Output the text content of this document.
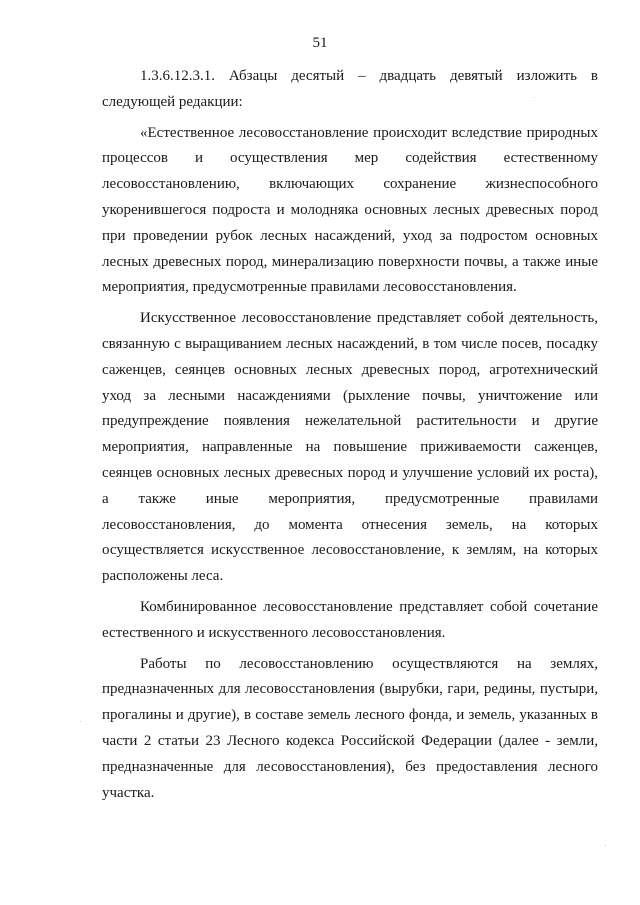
51

1.3.6.12.3.1. Абзацы десятый – двадцать девятый изложить в следующей редакции:

«Естественное лесовосстановление происходит вследствие природных процессов и осуществления мер содействия естественному лесовосстановлению, включающих сохранение жизнеспособного укоренившегося подроста и молодняка основных лесных древесных пород при проведении рубок лесных насаждений, уход за подростом основных лесных древесных пород, минерализацию поверхности почвы, а также иные мероприятия, предусмотренные правилами лесовосстановления.

Искусственное лесовосстановление представляет собой деятельность, связанную с выращиванием лесных насаждений, в том числе посев, посадку саженцев, сеянцев основных лесных древесных пород, агротехнический уход за лесными насаждениями (рыхление почвы, уничтожение или предупреждение появления нежелательной растительности и другие мероприятия, направленные на повышение приживаемости саженцев, сеянцев основных лесных древесных пород и улучшение условий их роста), а также иные мероприятия, предусмотренные правилами лесовосстановления, до момента отнесения земель, на которых осуществляется искусственное лесовосстановление, к землям, на которых расположены леса.

Комбинированное лесовосстановление представляет собой сочетание естественного и искусственного лесовосстановления.

Работы по лесовосстановлению осуществляются на землях, предназначенных для лесовосстановления (вырубки, гари, редины, пустыри, прогалины и другие), в составе земель лесного фонда, и земель, указанных в части 2 статьи 23 Лесного кодекса Российской Федерации (далее - земли, предназначенные для лесовосстановления), без предоставления лесного участка.
